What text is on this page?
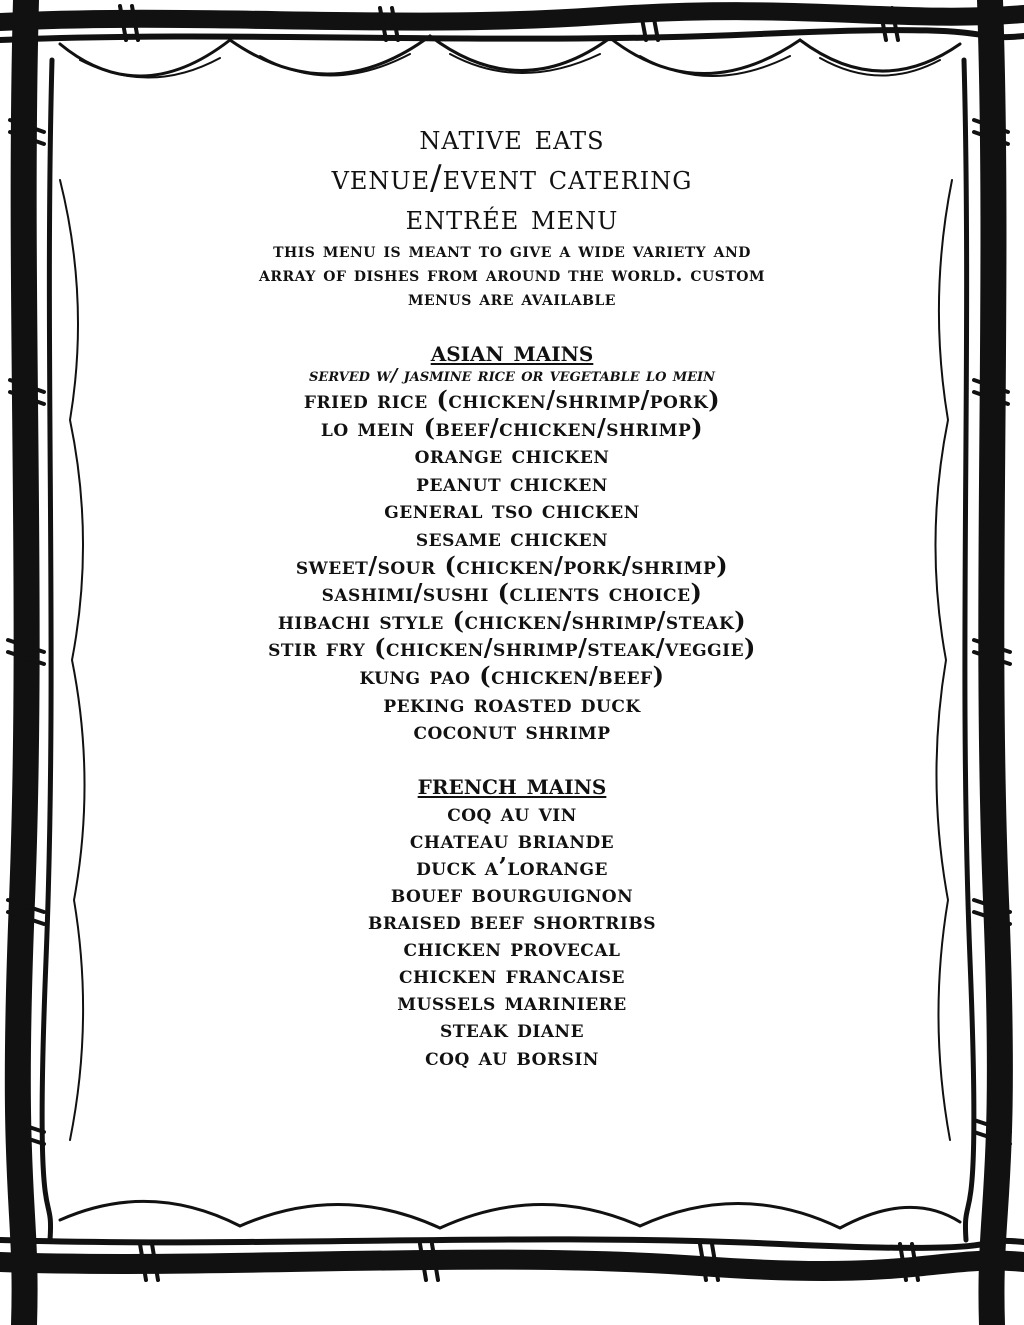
native eats
venue/event catering
entrée menu
this menu is meant to give a wide variety and
array of dishes from around the world. custom
menus are available
asian mains
served w/ jasmine rice or vegetable lo mein
fried rice (chicken/shrimp/pork)
lo mein (beef/chicken/shrimp)
orange chicken
peanut chicken
general tso chicken
sesame chicken
sweet/sour (chicken/pork/shrimp)
sashimi/sushi (clients choice)
hibachi style (chicken/shrimp/steak)
stir fry (chicken/shrimp/steak/veggie)
kung pao (chicken/beef)
peking roasted duck
coconut shrimp
french mains
coq au vin
chateau briande
duck a’lorange
bouef bourguignon
braised beef shortribs
chicken provecal
chicken francaise
mussels mariniere
steak diane
coq au borsin
